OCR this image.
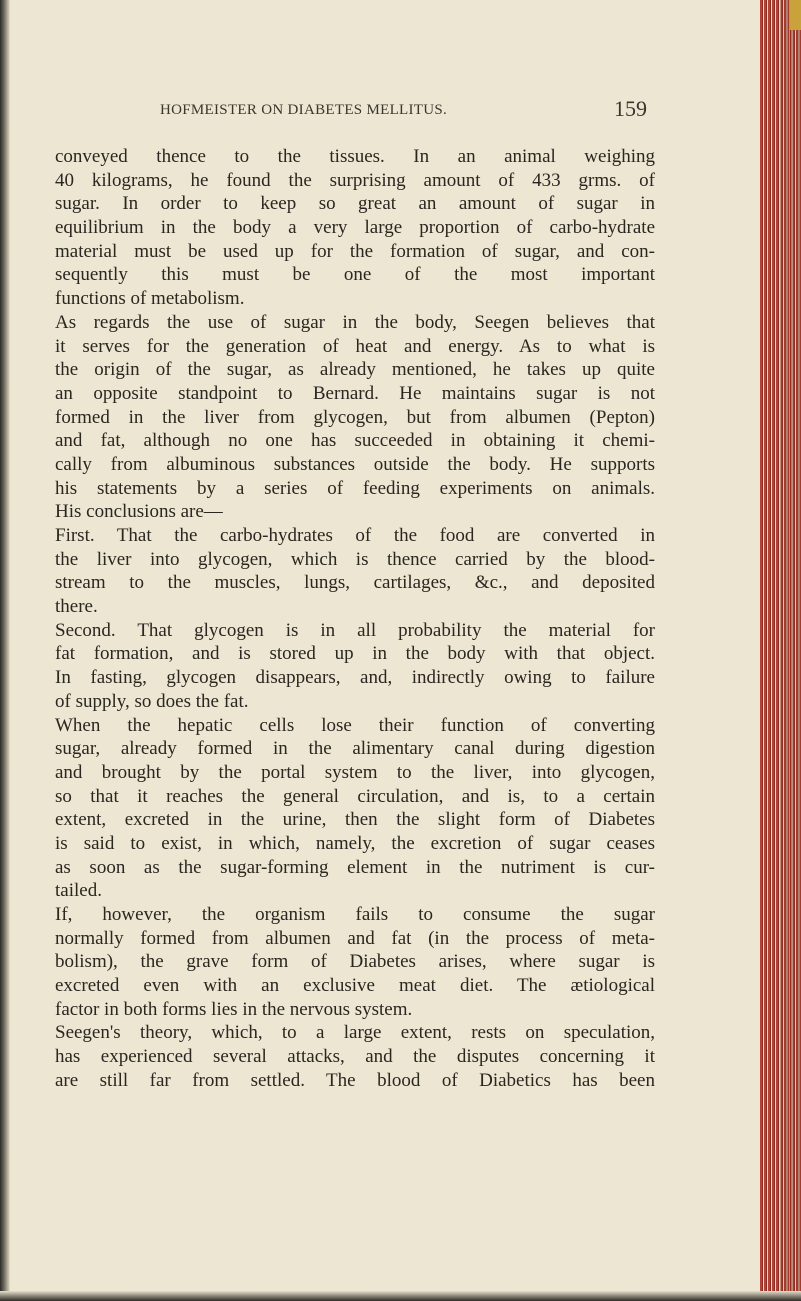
HOFMEISTER ON DIABETES MELLITUS.	159
conveyed thence to the tissues. In an animal weighing
40 kilograms, he found the surprising amount of 433 grms. of
sugar. In order to keep so great an amount of sugar in
equilibrium in the body a very large proportion of carbo-hydrate
material must be used up for the formation of sugar, and con-
sequently this must be one of the most important
functions of metabolism.
As regards the use of sugar in the body, Seegen believes that
it serves for the generation of heat and energy. As to what is
the origin of the sugar, as already mentioned, he takes up quite
an opposite standpoint to Bernard. He maintains sugar is not
formed in the liver from glycogen, but from albumen (Pepton)
and fat, although no one has succeeded in obtaining it chemi-
cally from albuminous substances outside the body. He supports
his statements by a series of feeding experiments on animals.
His conclusions are—
First. That the carbo-hydrates of the food are converted in
the liver into glycogen, which is thence carried by the blood-
stream to the muscles, lungs, cartilages, &c., and deposited
there.
Second. That glycogen is in all probability the material for
fat formation, and is stored up in the body with that object.
In fasting, glycogen disappears, and, indirectly owing to failure
of supply, so does the fat.
When the hepatic cells lose their function of converting
sugar, already formed in the alimentary canal during digestion
and brought by the portal system to the liver, into glycogen,
so that it reaches the general circulation, and is, to a certain
extent, excreted in the urine, then the slight form of Diabetes
is said to exist, in which, namely, the excretion of sugar ceases
as soon as the sugar-forming element in the nutriment is cur-
tailed.
If, however, the organism fails to consume the sugar
normally formed from albumen and fat (in the process of meta-
bolism), the grave form of Diabetes arises, where sugar is
excreted even with an exclusive meat diet. The ætiological
factor in both forms lies in the nervous system.
Seegen's theory, which, to a large extent, rests on speculation,
has experienced several attacks, and the disputes concerning it
are still far from settled. The blood of Diabetics has been
